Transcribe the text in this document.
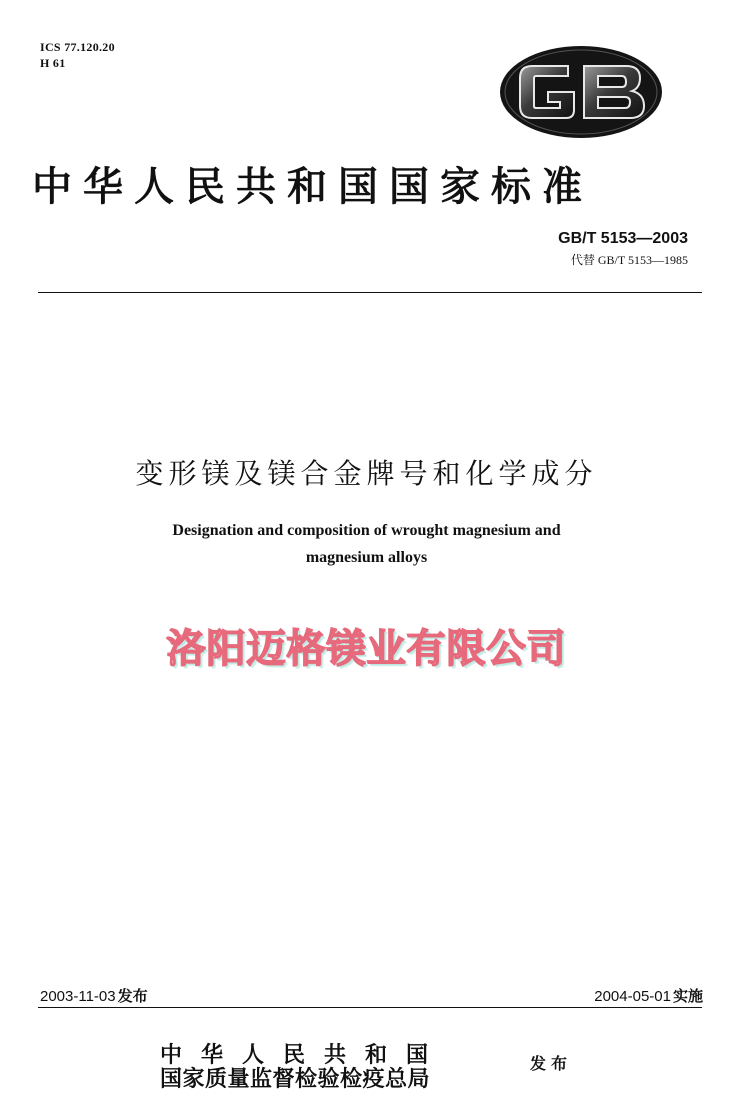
ICS 77.120.20
H 61
GB
中华人民共和国国家标准
GB/T 5153—2003
代替 GB/T 5153—1985
变形镁及镁合金牌号和化学成分
Designation and composition of wrought magnesium and
magnesium alloys
洛阳迈格镁业有限公司
2003-11-03 发布	2004-05-01 实施
中华人民共和国
国家质量监督检验检疫总局
发布
